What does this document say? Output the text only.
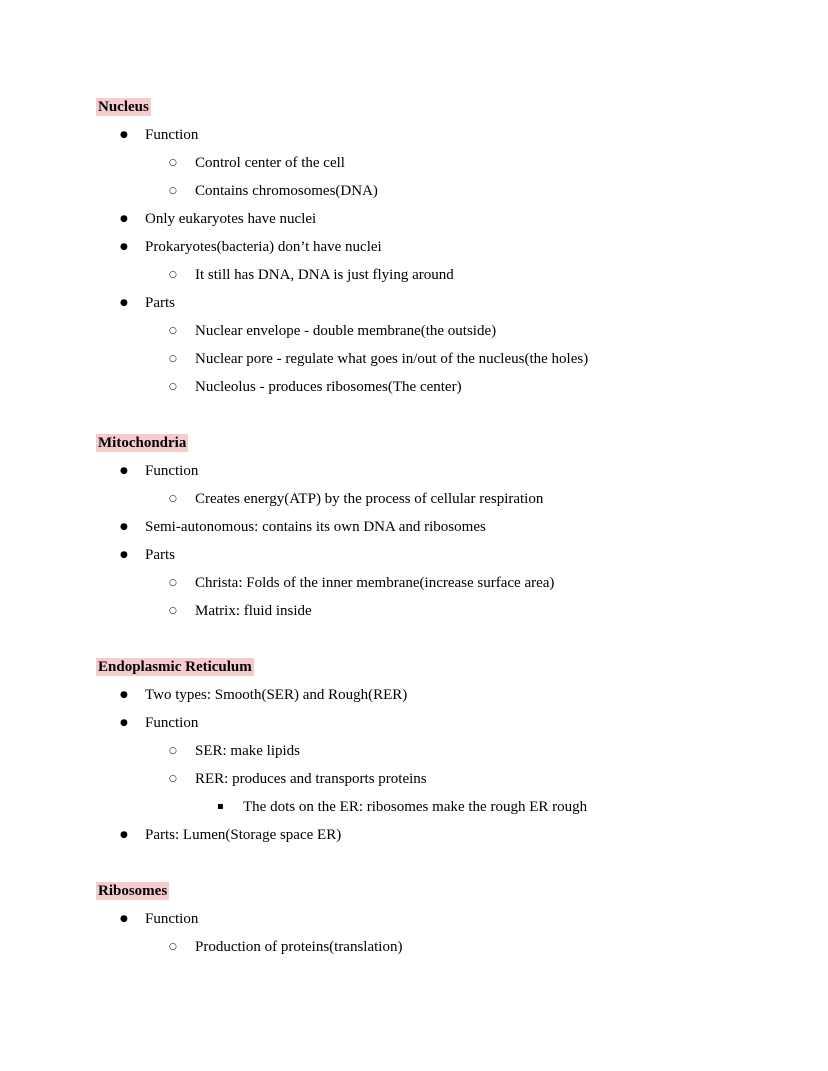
Nucleus
● Function
○ Control center of the cell
○ Contains chromosomes(DNA)
● Only eukaryotes have nuclei
● Prokaryotes(bacteria) don’t have nuclei
○ It still has DNA, DNA is just flying around
● Parts
○ Nuclear envelope - double membrane(the outside)
○ Nuclear pore - regulate what goes in/out of the nucleus(the holes)
○ Nucleolus - produces ribosomes(The center)
Mitochondria
● Function
○ Creates energy(ATP) by the process of cellular respiration
● Semi-autonomous: contains its own DNA and ribosomes
● Parts
○ Christa: Folds of the inner membrane(increase surface area)
○ Matrix: fluid inside
Endoplasmic Reticulum
● Two types: Smooth(SER) and Rough(RER)
● Function
○ SER: make lipids
○ RER: produces and transports proteins
▪ The dots on the ER: ribosomes make the rough ER rough
● Parts: Lumen(Storage space ER)
Ribosomes
● Function
○ Production of proteins(translation)
